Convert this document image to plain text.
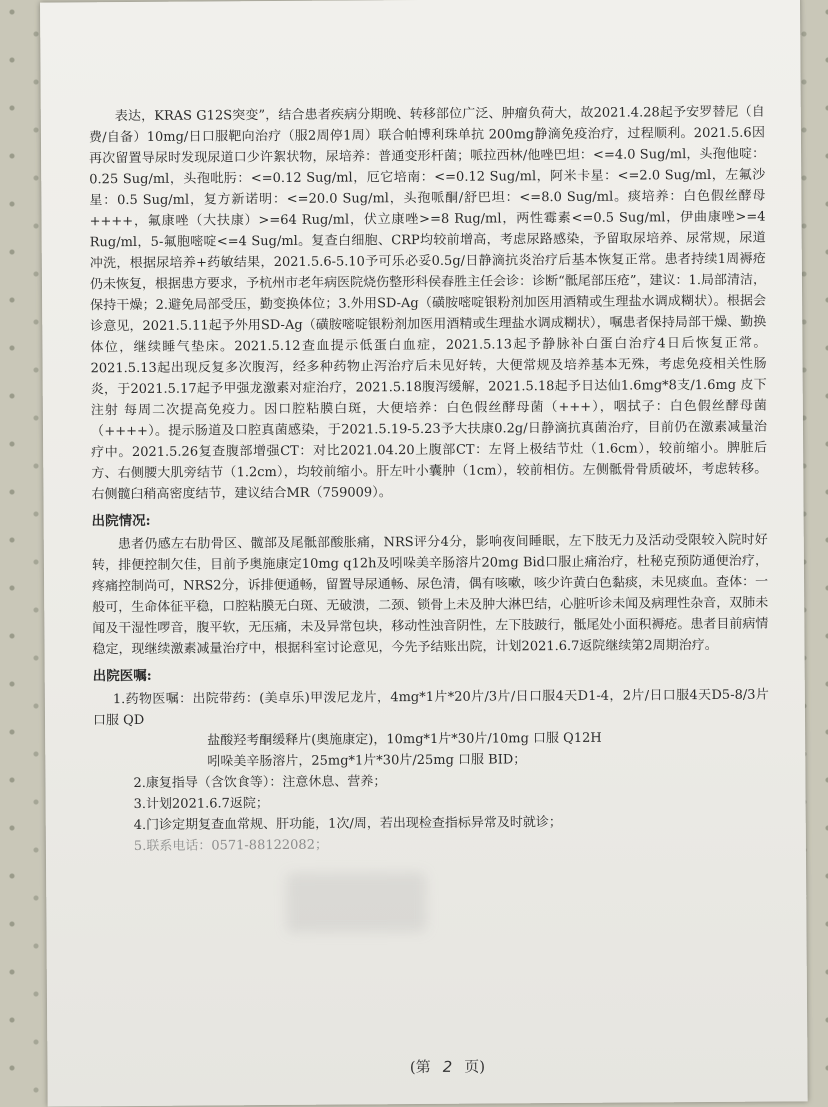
表达，KRAS G12S突变”，结合患者疾病分期晚、转移部位广泛、肿瘤负荷大，故2021.4.28起予安罗替尼（自费/自备）10mg/日口服靶向治疗（服2周停1周）联合帕博利珠单抗 200mg静滴免疫治疗，过程顺利。2021.5.6因再次留置导尿时发现尿道口少许絮状物，尿培养：普通变形杆菌；哌拉西林/他唑巴坦：<=4.0 Sug/ml，头孢他啶：0.25 Sug/ml，头孢吡肟：<=0.12 Sug/ml，厄它培南：<=0.12 Sug/ml，阿米卡星：<=2.0 Sug/ml，左氟沙星：0.5 Sug/ml，复方新诺明：<=20.0 Sug/ml，头孢哌酮/舒巴坦：<=8.0 Sug/ml。痰培养：白色假丝酵母++++，氟康唑（大扶康）>=64 Rug/ml，伏立康唑>=8 Rug/ml，两性霉素<=0.5 Sug/ml，伊曲康唑>=4 Rug/ml，5-氟胞嘧啶<=4 Sug/ml。复查白细胞、CRP均较前增高，考虑尿路感染，予留取尿培养、尿常规，尿道冲洗，根据尿培养+药敏结果，2021.5.6-5.10予可乐必妥0.5g/日静滴抗炎治疗后基本恢复正常。患者持续1周褥疮仍未恢复，根据患方要求，予杭州市老年病医院烧伤整形科侯春胜主任会诊：诊断“骶尾部压疮”，建议：1.局部清洁，保持干燥；2.避免局部受压，勤变换体位；3.外用SD-Ag（磺胺嘧啶银粉剂加医用酒精或生理盐水调成糊状）。根据会诊意见，2021.5.11起予外用SD-Ag（磺胺嘧啶银粉剂加医用酒精或生理盐水调成糊状），嘱患者保持局部干燥、勤换体位，继续睡气垫床。2021.5.12查血提示低蛋白血症，2021.5.13起予静脉补白蛋白治疗4日后恢复正常。2021.5.13起出现反复多次腹泻，经多种药物止泻治疗后未见好转，大便常规及培养基本无殊，考虑免疫相关性肠炎，于2021.5.17起予甲强龙激素对症治疗，2021.5.18腹泻缓解，2021.5.18起予日达仙1.6mg*8支/1.6mg 皮下注射 每周二次提高免疫力。因口腔粘膜白斑，大便培养：白色假丝酵母菌（+++），咽拭子：白色假丝酵母菌（++++）。提示肠道及口腔真菌感染，于2021.5.19-5.23予大扶康0.2g/日静滴抗真菌治疗，目前仍在激素减量治疗中。2021.5.26复查腹部增强CT：对比2021.04.20上腹部CT：左肾上极结节灶（1.6cm），较前缩小。脾脏后方、右侧腰大肌旁结节（1.2cm），均较前缩小。肝左叶小囊肿（1cm），较前相仿。左侧骶骨骨质破坏，考虑转移。右侧髋臼稍高密度结节，建议结合MR（759009）。

出院情况:

患者仍感左右肋骨区、髋部及尾骶部酸胀痛，NRS评分4分，影响夜间睡眠，左下肢无力及活动受限较入院时好转，排便控制欠佳，目前予奥施康定10mg q12h及吲哚美辛肠溶片20mg Bid口服止痛治疗，杜秘克预防通便治疗，疼痛控制尚可，NRS2分，诉排便通畅，留置导尿通畅、尿色清，偶有咳嗽，咳少许黄白色黏痰，未见痰血。查体：一般可，生命体征平稳，口腔粘膜无白斑、无破溃，二颈、锁骨上未及肿大淋巴结，心脏听诊未闻及病理性杂音，双肺未闻及干湿性啰音，腹平软，无压痛，未及异常包块，移动性浊音阴性，左下肢跛行，骶尾处小面积褥疮。患者目前病情稳定，现继续激素减量治疗中，根据科室讨论意见，今先予结账出院，计划2021.6.7返院继续第2周期治疗。

出院医嘱:

1.药物医嘱：出院带药：(美卓乐)甲泼尼龙片，4mg*1片*20片/3片/日口服4天D1-4，2片/日口服4天D5-8/3片 口服 QD

盐酸羟考酮缓释片(奥施康定)，10mg*1片*30片/10mg 口服 Q12H

吲哚美辛肠溶片，25mg*1片*30片/25mg 口服 BID；

2.康复指导（含饮食等）：注意休息、营养；

3.计划2021.6.7返院；

4.门诊定期复查血常规、肝功能，1次/周，若出现检查指标异常及时就诊；

5.联系电话：0571-88122082；

(第 2 页)
